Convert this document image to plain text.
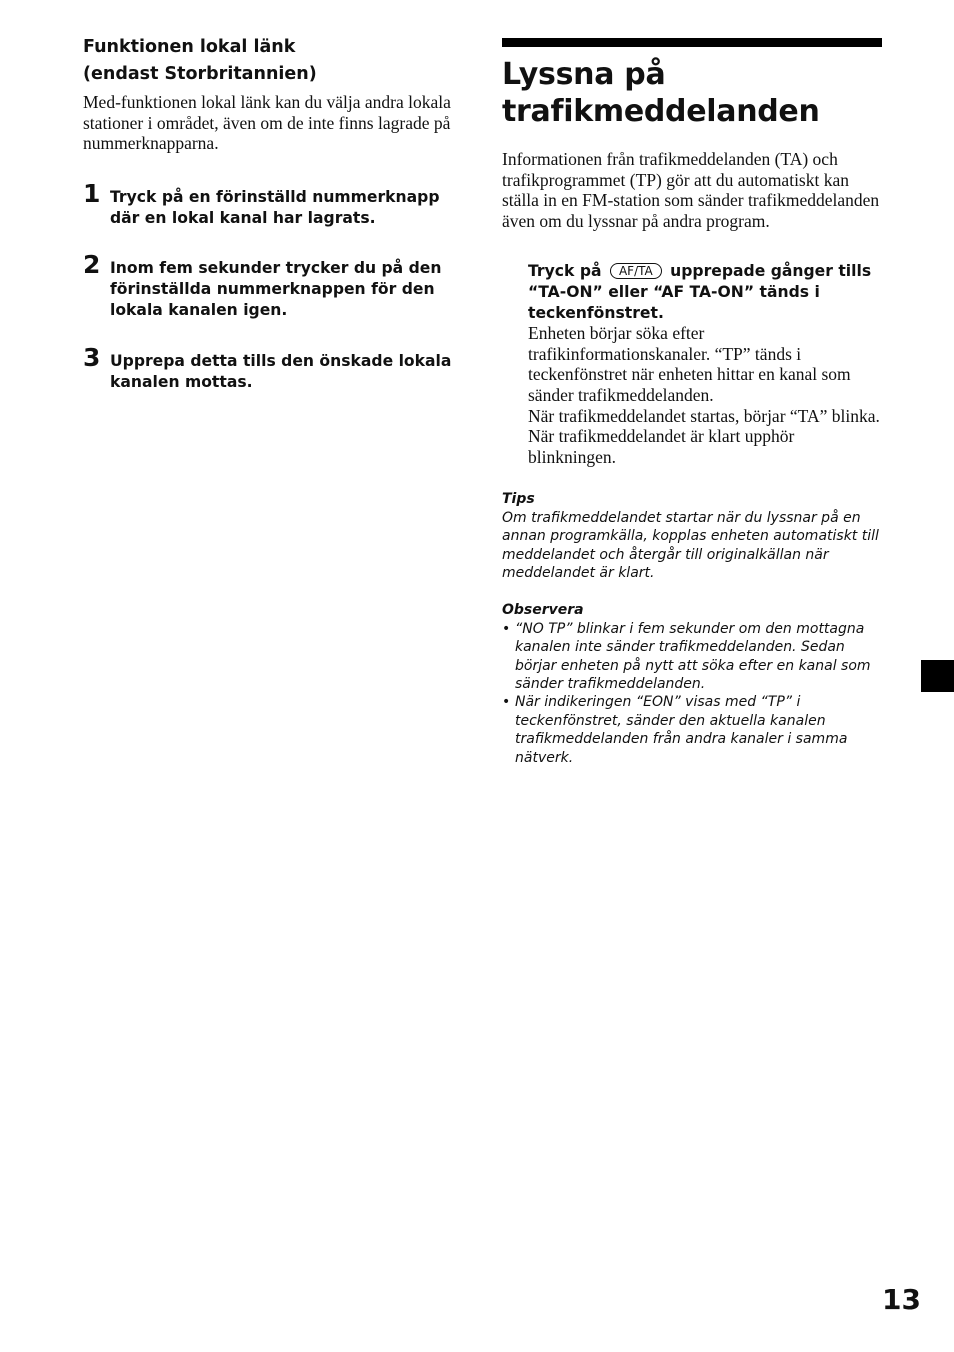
Funktionen lokal länk
(endast Storbritannien)

Med-funktionen lokal länk kan du välja andra lokala stationer i området, även om de inte finns lagrade på nummerknapparna.

1 Tryck på en förinställd nummerknapp där en lokal kanal har lagrats.

2 Inom fem sekunder trycker du på den förinställda nummerknappen för den lokala kanalen igen.

3 Upprepa detta tills den önskade lokala kanalen mottas.

Lyssna på
trafikmeddelanden

Informationen från trafikmeddelanden (TA) och trafikprogrammet (TP) gör att du automatiskt kan ställa in en FM-station som sänder trafikmeddelanden även om du lyssnar på andra program.

Tryck på AF/TA upprepade gånger tills “TA-ON” eller “AF TA-ON” tänds i teckenfönstret.

Enheten börjar söka efter trafikinformationskanaler. “TP” tänds i teckenfönstret när enheten hittar en kanal som sänder trafikmeddelanden.

När trafikmeddelandet startas, börjar “TA” blinka. När trafikmeddelandet är klart upphör blinkningen.

Tips

Om trafikmeddelandet startar när du lyssnar på en annan programkälla, kopplas enheten automatiskt till meddelandet och återgår till originalkällan när meddelandet är klart.

Observera

• “NO TP” blinkar i fem sekunder om den mottagna kanalen inte sänder trafikmeddelanden. Sedan börjar enheten på nytt att söka efter en kanal som sänder trafikmeddelanden.
• När indikeringen “EON” visas med “TP” i teckenfönstret, sänder den aktuella kanalen trafikmeddelanden från andra kanaler i samma nätverk.
13
